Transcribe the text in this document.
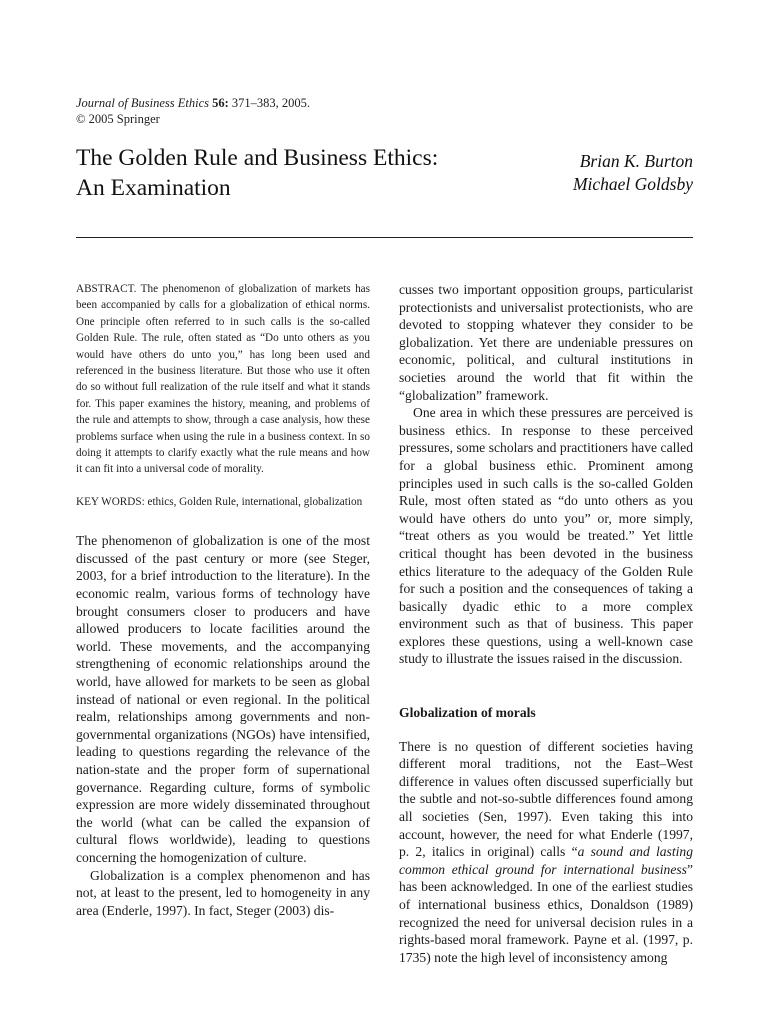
Journal of Business Ethics 56: 371–383, 2005.
© 2005 Springer
The Golden Rule and Business Ethics:
An Examination
Brian K. Burton
Michael Goldsby

ABSTRACT. The phenomenon of globalization of markets has been accompanied by calls for a globalization of ethical norms. One principle often referred to in such calls is the so-called Golden Rule. The rule, often stated as “Do unto others as you would have others do unto you,” has long been used and referenced in the business literature. But those who use it often do so without full realization of the rule itself and what it stands for. This paper examines the history, meaning, and problems of the rule and attempts to show, through a case analysis, how these problems surface when using the rule in a business context. In so doing it attempts to clarify exactly what the rule means and how it can fit into a universal code of morality.

KEY WORDS: ethics, Golden Rule, international, globalization

The phenomenon of globalization is one of the most discussed of the past century or more (see Steger, 2003, for a brief introduction to the literature). In the economic realm, various forms of technology have brought consumers closer to producers and have allowed producers to locate facilities around the world. These movements, and the accompanying strengthening of economic relationships around the world, have allowed for markets to be seen as global instead of national or even regional. In the political realm, relationships among governments and non-governmental organizations (NGOs) have intensified, leading to questions regarding the relevance of the nation-state and the proper form of supernational governance. Regarding culture, forms of symbolic expression are more widely disseminated throughout the world (what can be called the expansion of cultural flows worldwide), leading to questions concerning the homogenization of culture.

Globalization is a complex phenomenon and has not, at least to the present, led to homogeneity in any area (Enderle, 1997). In fact, Steger (2003) dis-

cusses two important opposition groups, particularist protectionists and universalist protectionists, who are devoted to stopping whatever they consider to be globalization. Yet there are undeniable pressures on economic, political, and cultural institutions in societies around the world that fit within the “globalization” framework.

One area in which these pressures are perceived is business ethics. In response to these perceived pressures, some scholars and practitioners have called for a global business ethic. Prominent among principles used in such calls is the so-called Golden Rule, most often stated as “do unto others as you would have others do unto you” or, more simply, “treat others as you would be treated.” Yet little critical thought has been devoted in the business ethics literature to the adequacy of the Golden Rule for such a position and the consequences of taking a basically dyadic ethic to a more complex environment such as that of business. This paper explores these questions, using a well-known case study to illustrate the issues raised in the discussion.

Globalization of morals

There is no question of different societies having different moral traditions, not the East–West difference in values often discussed superficially but the subtle and not-so-subtle differences found among all societies (Sen, 1997). Even taking this into account, however, the need for what Enderle (1997, p. 2, italics in original) calls “a sound and lasting common ethical ground for international business” has been acknowledged. In one of the earliest studies of international business ethics, Donaldson (1989) recognized the need for universal decision rules in a rights-based moral framework. Payne et al. (1997, p. 1735) note the high level of inconsistency among
